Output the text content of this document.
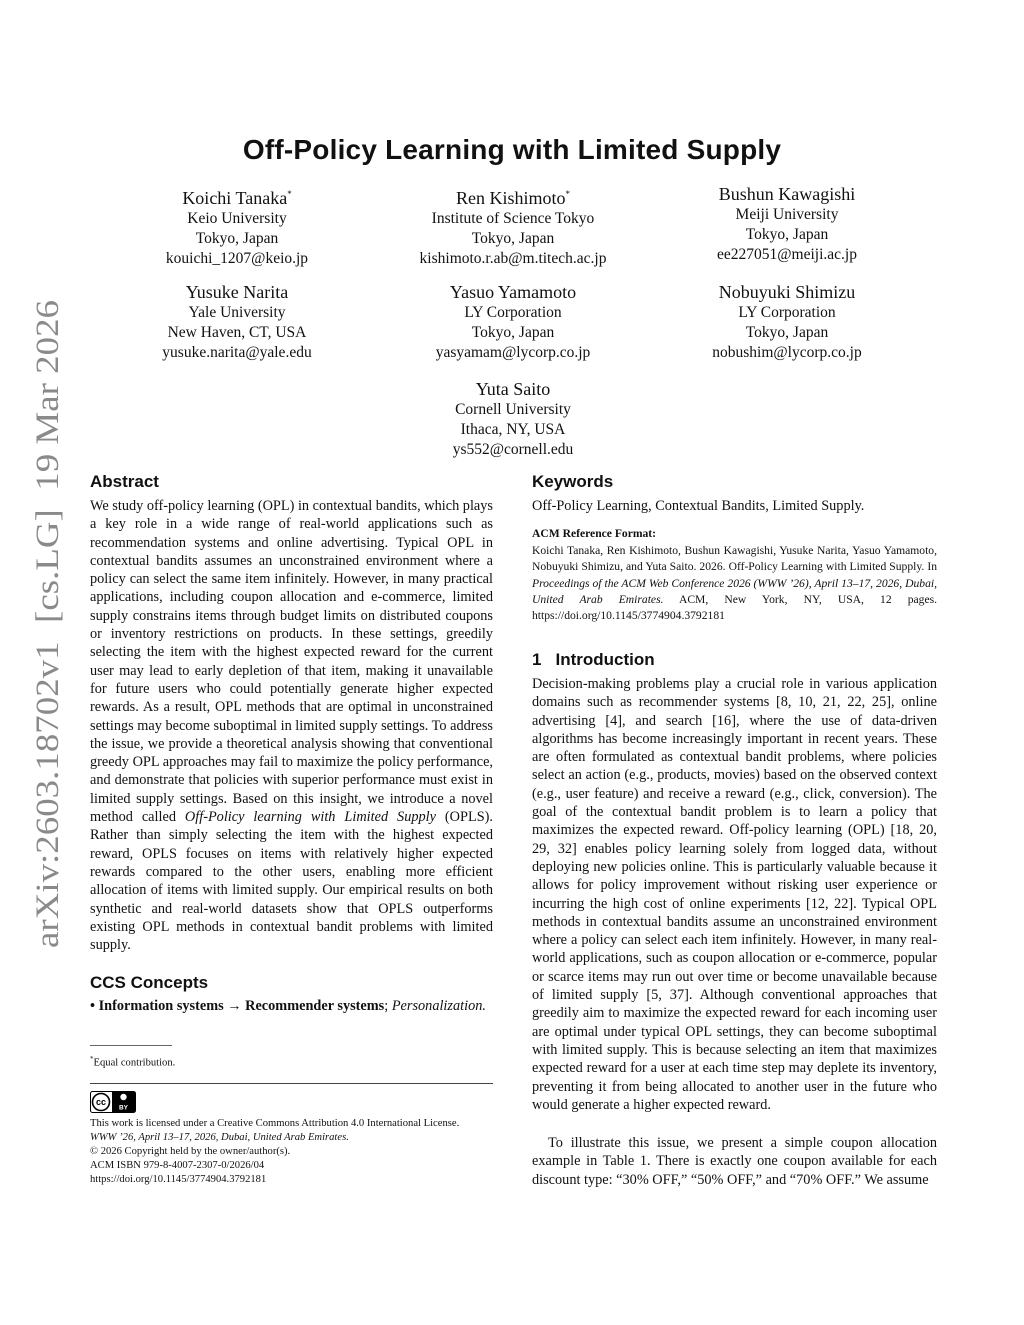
arXiv:2603.18702v1  [cs.LG]  19 Mar 2026
Off-Policy Learning with Limited Supply
Koichi Tanaka*
Keio University
Tokyo, Japan
kouichi_1207@keio.jp
Ren Kishimoto*
Institute of Science Tokyo
Tokyo, Japan
kishimoto.r.ab@m.titech.ac.jp
Bushun Kawagishi
Meiji University
Tokyo, Japan
ee227051@meiji.ac.jp
Yusuke Narita
Yale University
New Haven, CT, USA
yusuke.narita@yale.edu
Yasuo Yamamoto
LY Corporation
Tokyo, Japan
yasyamam@lycorp.co.jp
Nobuyuki Shimizu
LY Corporation
Tokyo, Japan
nobushim@lycorp.co.jp
Yuta Saito
Cornell University
Ithaca, NY, USA
ys552@cornell.edu
Abstract
We study off-policy learning (OPL) in contextual bandits, which plays a key role in a wide range of real-world applications such as recommendation systems and online advertising. Typical OPL in contextual bandits assumes an unconstrained environment where a policy can select the same item infinitely. However, in many practical applications, including coupon allocation and e-commerce, limited supply constrains items through budget limits on distributed coupons or inventory restrictions on products. In these settings, greedily selecting the item with the highest expected reward for the current user may lead to early depletion of that item, making it unavailable for future users who could potentially generate higher expected rewards. As a result, OPL methods that are optimal in unconstrained settings may become suboptimal in limited supply settings. To address the issue, we provide a theoretical analysis showing that conventional greedy OPL approaches may fail to maximize the policy performance, and demonstrate that policies with superior performance must exist in limited supply settings. Based on this insight, we introduce a novel method called Off-Policy learning with Limited Supply (OPLS). Rather than simply selecting the item with the highest expected reward, OPLS focuses on items with relatively higher expected rewards compared to the other users, enabling more efficient allocation of items with limited supply. Our empirical results on both synthetic and real-world datasets show that OPLS outperforms existing OPL methods in contextual bandit problems with limited supply.
CCS Concepts
• Information systems → Recommender systems; Personalization.
*Equal contribution.
cc
BY
This work is licensed under a Creative Commons Attribution 4.0 International License.
WWW ’26, April 13–17, 2026, Dubai, United Arab Emirates.
© 2026 Copyright held by the owner/author(s).
ACM ISBN 979-8-4007-2307-0/2026/04
https://doi.org/10.1145/3774904.3792181
Keywords
Off-Policy Learning, Contextual Bandits, Limited Supply.
ACM Reference Format:
Koichi Tanaka, Ren Kishimoto, Bushun Kawagishi, Yusuke Narita, Yasuo Yamamoto, Nobuyuki Shimizu, and Yuta Saito. 2026. Off-Policy Learning with Limited Supply. In Proceedings of the ACM Web Conference 2026 (WWW ’26), April 13–17, 2026, Dubai, United Arab Emirates. ACM, New York, NY, USA, 12 pages. https://doi.org/10.1145/3774904.3792181
1 Introduction
Decision-making problems play a crucial role in various application domains such as recommender systems [8, 10, 21, 22, 25], online advertising [4], and search [16], where the use of data-driven algorithms has become increasingly important in recent years. These are often formulated as contextual bandit problems, where policies select an action (e.g., products, movies) based on the observed context (e.g., user feature) and receive a reward (e.g., click, conversion). The goal of the contextual bandit problem is to learn a policy that maximizes the expected reward. Off-policy learning (OPL) [18, 20, 29, 32] enables policy learning solely from logged data, without deploying new policies online. This is particularly valuable because it allows for policy improvement without risking user experience or incurring the high cost of online experiments [12, 22]. Typical OPL methods in contextual bandits assume an unconstrained environment where a policy can select each item infinitely. However, in many real-world applications, such as coupon allocation or e-commerce, popular or scarce items may run out over time or become unavailable because of limited supply [5, 37]. Although conventional approaches that greedily aim to maximize the expected reward for each incoming user are optimal under typical OPL settings, they can become suboptimal with limited supply. This is because selecting an item that maximizes expected reward for a user at each time step may deplete its inventory, preventing it from being allocated to another user in the future who would generate a higher expected reward.
To illustrate this issue, we present a simple coupon allocation example in Table 1. There is exactly one coupon available for each discount type: “30% OFF,” “50% OFF,” and “70% OFF.” We assume
